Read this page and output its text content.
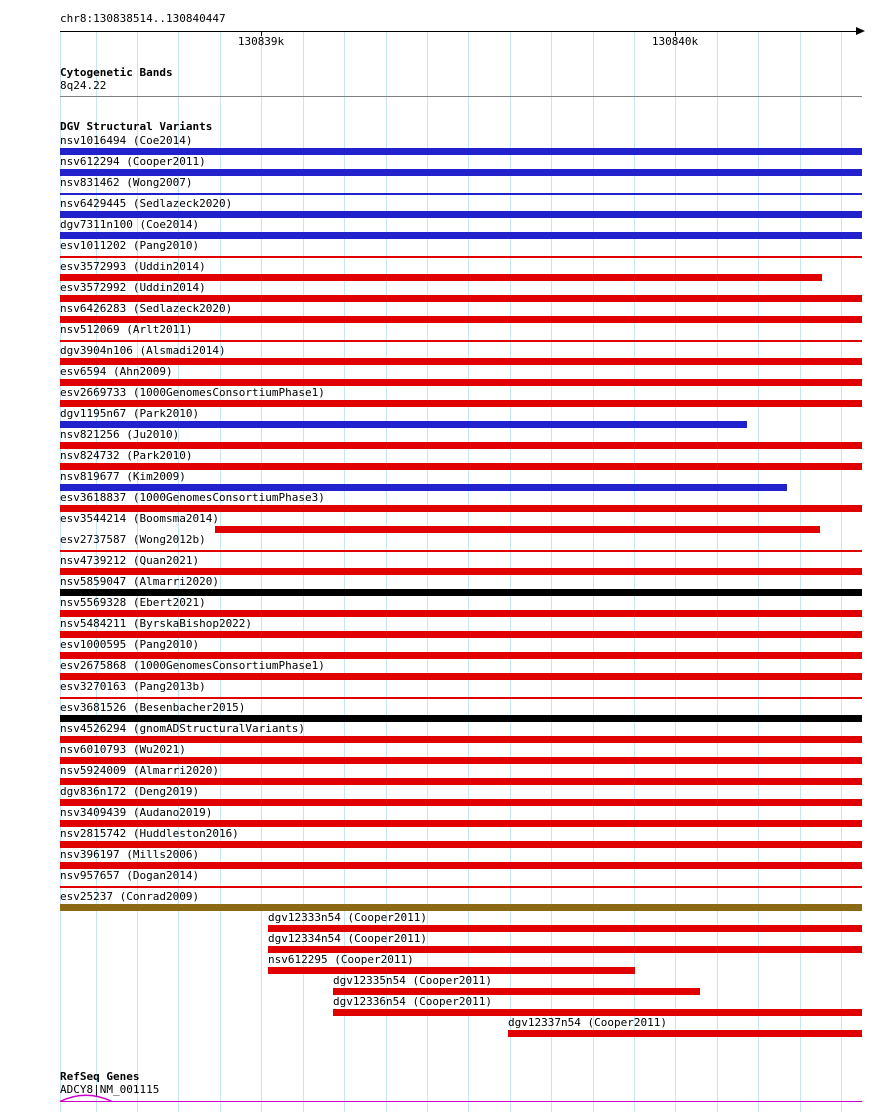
chr8:130838514..130840447
130839k	130840k
Cytogenetic Bands
8q24.22
DGV Structural Variants
nsv1016494 (Coe2014)
nsv612294 (Cooper2011)
nsv831462 (Wong2007)
nsv6429445 (Sedlazeck2020)
dgv7311n100 (Coe2014)
esv1011202 (Pang2010)
esv3572993 (Uddin2014)
esv3572992 (Uddin2014)
nsv6426283 (Sedlazeck2020)
nsv512069 (Arlt2011)
dgv3904n106 (Alsmadi2014)
esv6594 (Ahn2009)
esv2669733 (1000GenomesConsortiumPhase1)
dgv1195n67 (Park2010)
nsv821256 (Ju2010)
nsv824732 (Park2010)
nsv819677 (Kim2009)
esv3618837 (1000GenomesConsortiumPhase3)
esv3544214 (Boomsma2014)
esv2737587 (Wong2012b)
nsv4739212 (Quan2021)
nsv5859047 (Almarri2020)
nsv5569328 (Ebert2021)
nsv5484211 (ByrskaBishop2022)
esv1000595 (Pang2010)
esv2675868 (1000GenomesConsortiumPhase1)
esv3270163 (Pang2013b)
esv3681526 (Besenbacher2015)
nsv4526294 (gnomADStructuralVariants)
nsv6010793 (Wu2021)
nsv5924009 (Almarri2020)
dgv836n172 (Deng2019)
nsv3409439 (Audano2019)
nsv2815742 (Huddleston2016)
nsv396197 (Mills2006)
nsv957657 (Dogan2014)
esv25237 (Conrad2009)
dgv12333n54 (Cooper2011)
dgv12334n54 (Cooper2011)
nsv612295 (Cooper2011)
dgv12335n54 (Cooper2011)
dgv12336n54 (Cooper2011)
dgv12337n54 (Cooper2011)
RefSeq Genes
ADCY8|NM_001115
